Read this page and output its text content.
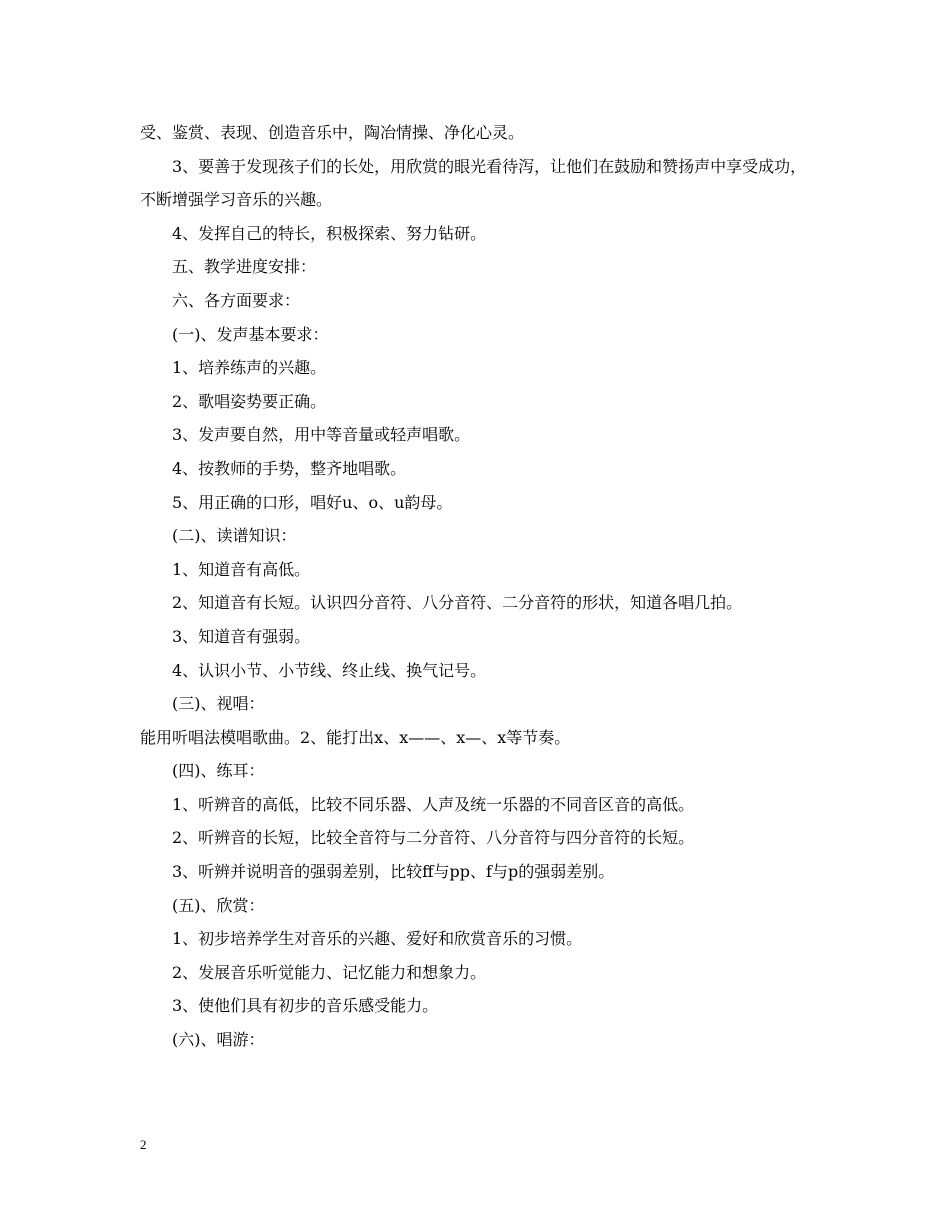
受、鉴赏、表现、创造音乐中，陶冶情操、净化心灵。

3、要善于发现孩子们的长处，用欣赏的眼光看待泻，让他们在鼓励和赞扬声中享受成功，不断增强学习音乐的兴趣。

4、发挥自己的特长，积极探索、努力钻研。

五、教学进度安排：

六、各方面要求：

(一)、发声基本要求：

1、培养练声的兴趣。

2、歌唱姿势要正确。

3、发声要自然，用中等音量或轻声唱歌。

4、按教师的手势，整齐地唱歌。

5、用正确的口形，唱好u、o、u韵母。

(二)、读谱知识：

1、知道音有高低。

2、知道音有长短。认识四分音符、八分音符、二分音符的形状，知道各唱几拍。

3、知道音有强弱。

4、认识小节、小节线、终止线、换气记号。

(三)、视唱：

能用听唱法模唱歌曲。2、能打出x、x——、x—、x等节奏。

(四)、练耳：

1、听辨音的高低，比较不同乐器、人声及统一乐器的不同音区音的高低。

2、听辨音的长短，比较全音符与二分音符、八分音符与四分音符的长短。

3、听辨并说明音的强弱差别，比较ff与pp、f与p的强弱差别。

(五)、欣赏：

1、初步培养学生对音乐的兴趣、爱好和欣赏音乐的习惯。

2、发展音乐听觉能力、记忆能力和想象力。

3、使他们具有初步的音乐感受能力。

(六)、唱游：

2
